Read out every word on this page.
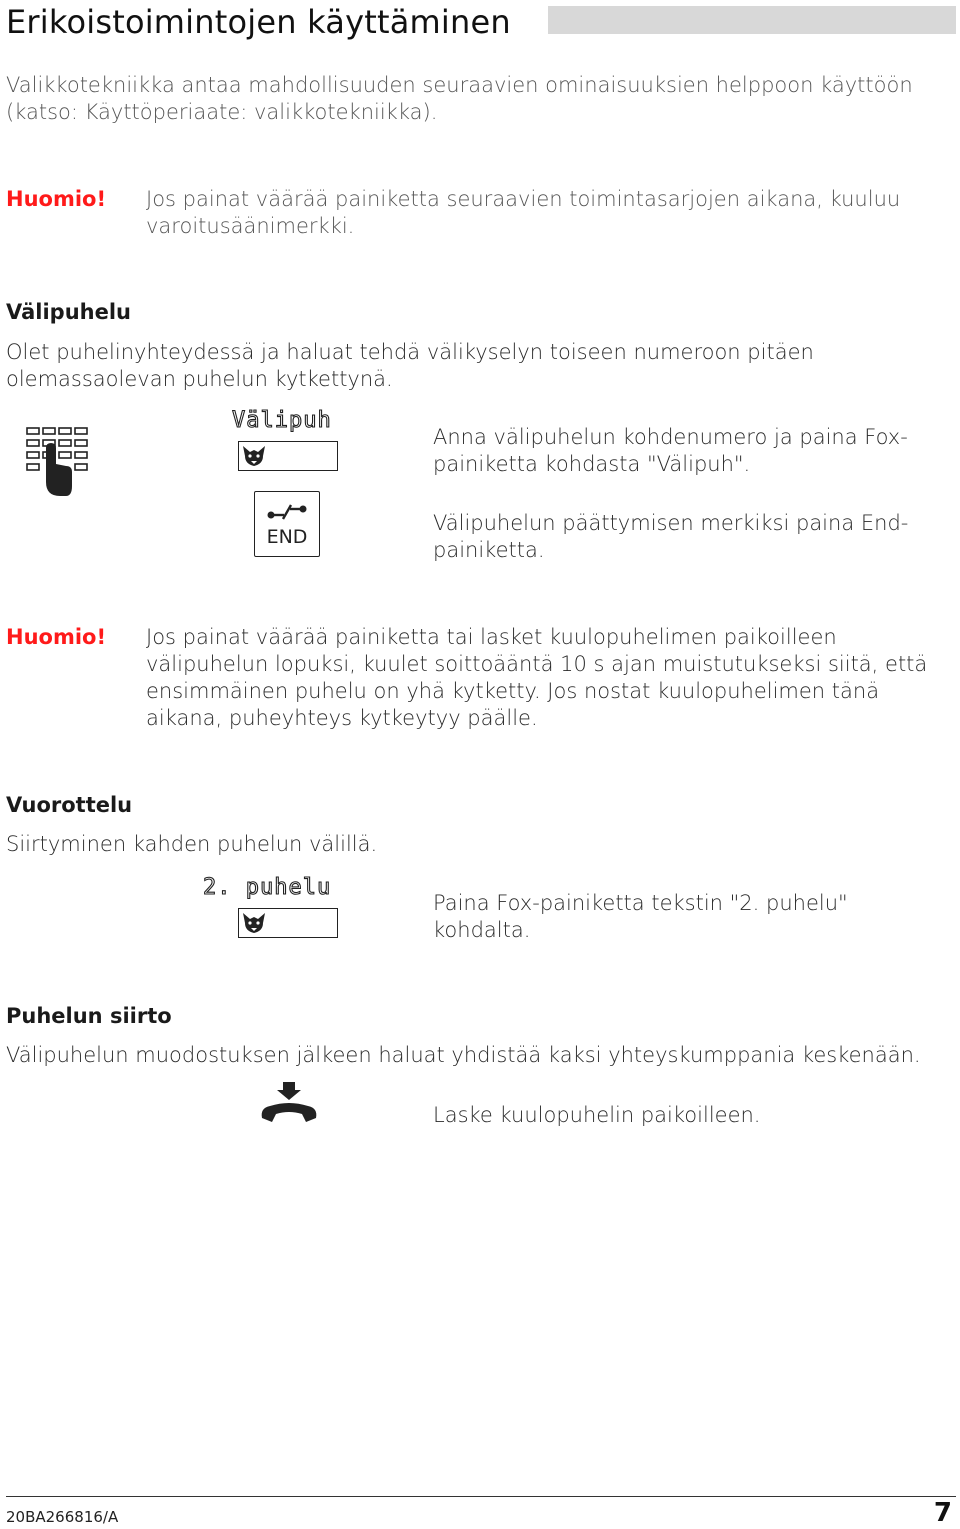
Erikoistoimintojen käyttäminen
Valikkotekniikka antaa mahdollisuuden seuraavien ominaisuuksien helppoon käyttöön
(katso: Käyttöperiaate: valikkotekniikka).
Huomio! Jos painat väärää painiketta seuraavien toimintasarjojen aikana, kuuluu
varoitusäänimerkki.
Välipuhelu
Olet puhelinyhteydessä ja haluat tehdä välikyselyn toiseen numeroon pitäen
olemassaolevan puhelun kytkettynä.
Välipuh
Anna välipuhelun kohdenumero ja paina Fox-
painiketta kohdasta "Välipuh".
END
Välipuhelun päättymisen merkiksi paina End-
painiketta.
Huomio! Jos painat väärää painiketta tai lasket kuulopuhelimen paikoilleen
välipuhelun lopuksi, kuulet soittoääntä 10 s ajan muistutukseksi siitä, että
ensimmäinen puhelu on yhä kytketty. Jos nostat kuulopuhelimen tänä
aikana, puheyhteys kytkeytyy päälle.
Vuorottelu
Siirtyminen kahden puhelun välillä.
2. puhelu
Paina Fox-painiketta tekstin "2. puhelu"
kohdalta.
Puhelun siirto
Välipuhelun muodostuksen jälkeen haluat yhdistää kaksi yhteyskumppania keskenään.
Laske kuulopuhelin paikoilleen.
20BA266816/A	7
